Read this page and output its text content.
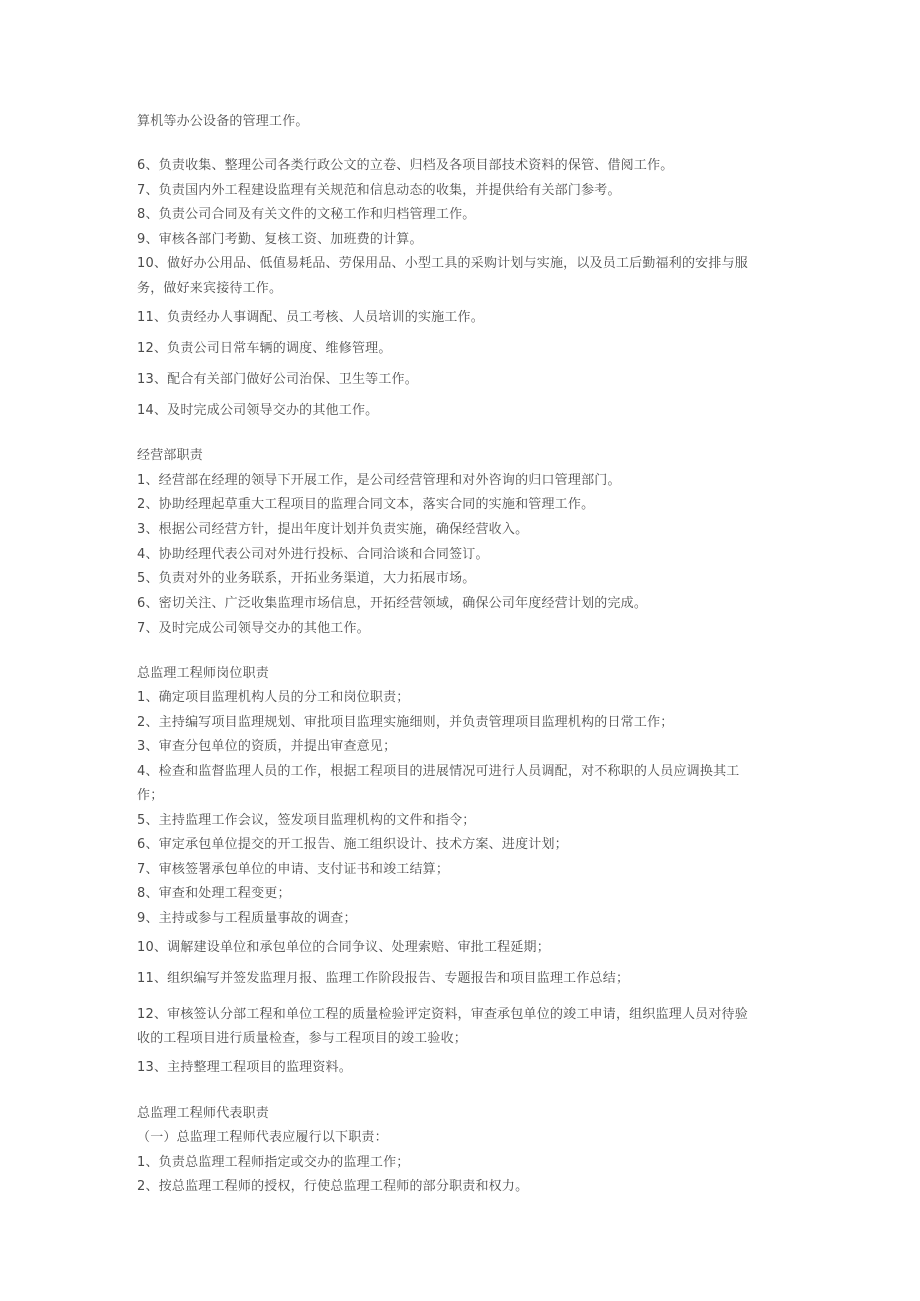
算机等办公设备的管理工作。
6、负责收集、整理公司各类行政公文的立卷、归档及各项目部技术资料的保管、借阅工作。
7、负责国内外工程建设监理有关规范和信息动态的收集，并提供给有关部门参考。
8、负责公司合同及有关文件的文秘工作和归档管理工作。
9、审核各部门考勤、复核工资、加班费的计算。
10、做好办公用品、低值易耗品、劳保用品、小型工具的采购计划与实施，以及员工后勤福利的安排与服
务，做好来宾接待工作。
11、负责经办人事调配、员工考核、人员培训的实施工作。
12、负责公司日常车辆的调度、维修管理。
13、配合有关部门做好公司治保、卫生等工作。
14、及时完成公司领导交办的其他工作。
经营部职责
1、经营部在经理的领导下开展工作，是公司经营管理和对外咨询的归口管理部门。
2、协助经理起草重大工程项目的监理合同文本，落实合同的实施和管理工作。
3、根据公司经营方针，提出年度计划并负责实施，确保经营收入。
4、协助经理代表公司对外进行投标、合同洽谈和合同签订。
5、负责对外的业务联系，开拓业务渠道，大力拓展市场。
6、密切关注、广泛收集监理市场信息，开拓经营领域，确保公司年度经营计划的完成。
7、及时完成公司领导交办的其他工作。
总监理工程师岗位职责
1、确定项目监理机构人员的分工和岗位职责；
2、主持编写项目监理规划、审批项目监理实施细则，并负责管理项目监理机构的日常工作；
3、审查分包单位的资质，并提出审查意见；
4、检查和监督监理人员的工作，根据工程项目的进展情况可进行人员调配，对不称职的人员应调换其工
作；
5、主持监理工作会议，签发项目监理机构的文件和指令；
6、审定承包单位提交的开工报告、施工组织设计、技术方案、进度计划；
7、审核签署承包单位的申请、支付证书和竣工结算；
8、审查和处理工程变更；
9、主持或参与工程质量事故的调查；
10、调解建设单位和承包单位的合同争议、处理索赔、审批工程延期；
11、组织编写并签发监理月报、监理工作阶段报告、专题报告和项目监理工作总结；
12、审核签认分部工程和单位工程的质量检验评定资料，审查承包单位的竣工申请，组织监理人员对待验
收的工程项目进行质量检查，参与工程项目的竣工验收；
13、主持整理工程项目的监理资料。
总监理工程师代表职责
（一）总监理工程师代表应履行以下职责：
1、负责总监理工程师指定或交办的监理工作；
2、按总监理工程师的授权，行使总监理工程师的部分职责和权力。
